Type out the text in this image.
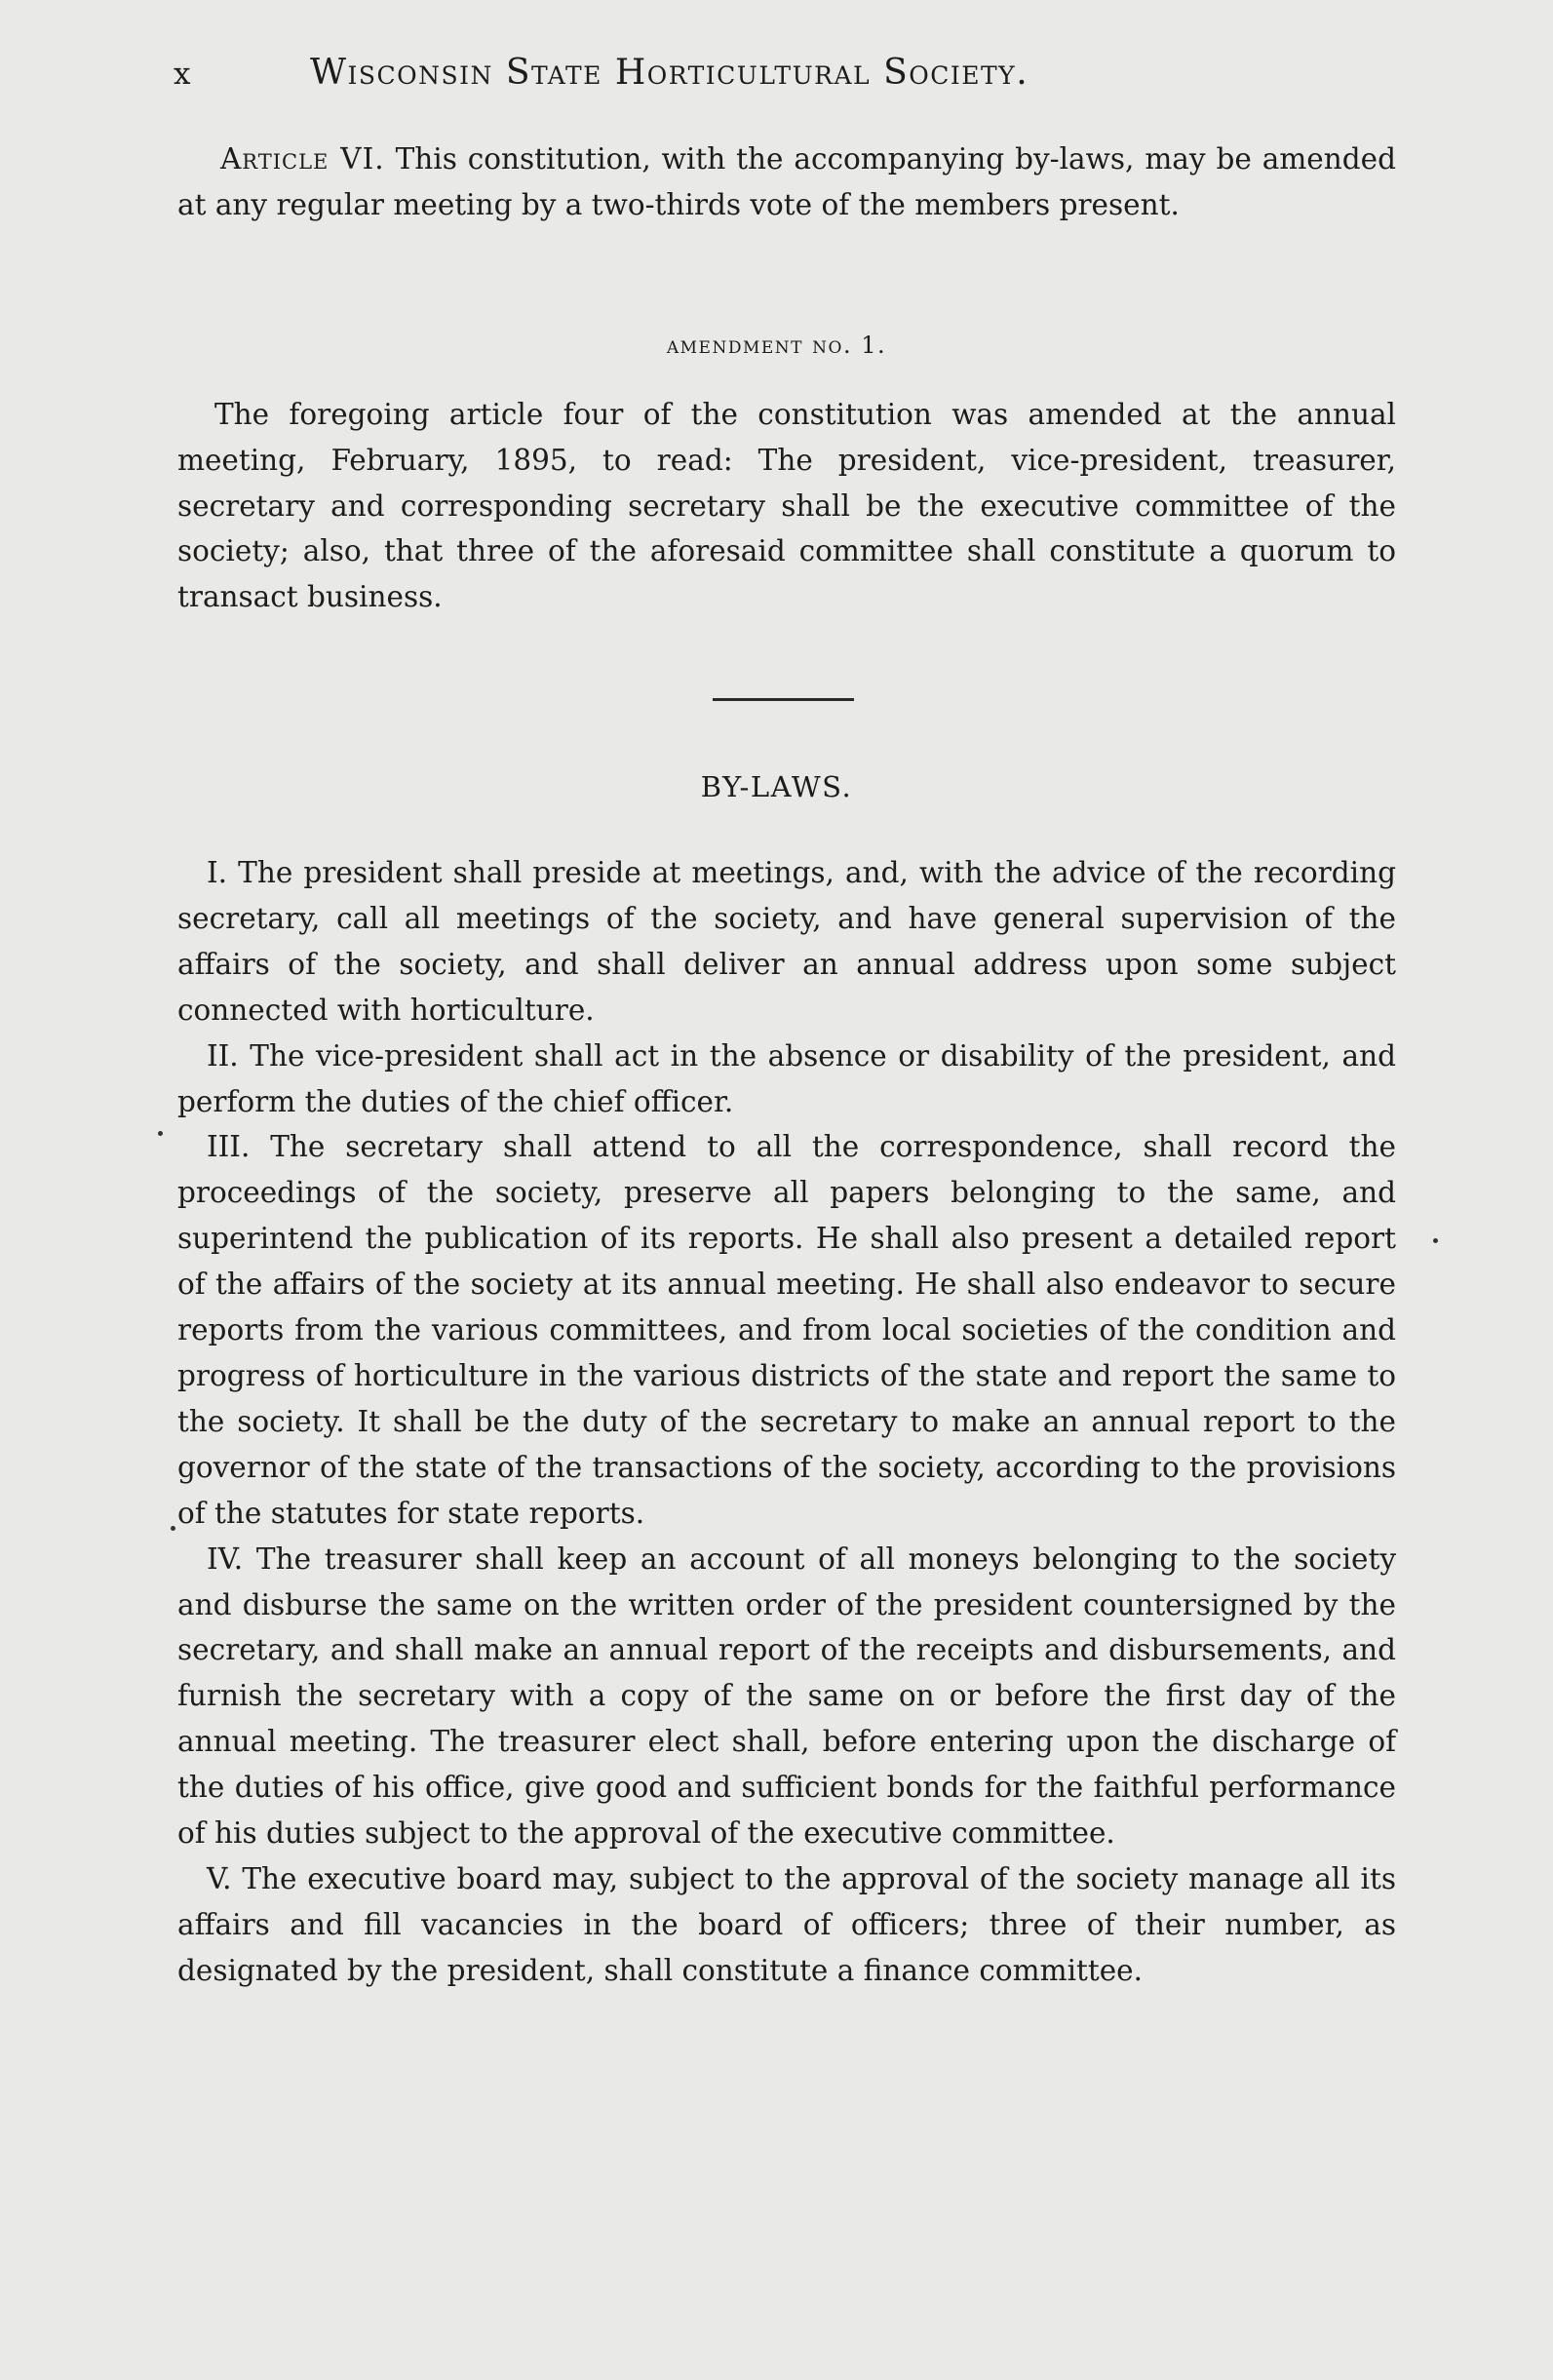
x	Wisconsin State Horticultural Society.

Article VI. This constitution, with the accompanying by-laws, may be amended at any regular meeting by a two-thirds vote of the members present.

amendment no. 1.

The foregoing article four of the constitution was amended at the annual meeting, February, 1895, to read: The president, vice-president, treasurer, secretary and corresponding secretary shall be the executive committee of the society; also, that three of the aforesaid committee shall constitute a quorum to transact business.

BY-LAWS.

I. The president shall preside at meetings, and, with the advice of the recording secretary, call all meetings of the society, and have general supervision of the affairs of the society, and shall deliver an annual address upon some subject connected with horticulture.

II. The vice-president shall act in the absence or disability of the president, and perform the duties of the chief officer.

III. The secretary shall attend to all the correspondence, shall record the proceedings of the society, preserve all papers belonging to the same, and superintend the publication of its reports. He shall also present a detailed report of the affairs of the society at its annual meeting. He shall also endeavor to secure reports from the various committees, and from local societies of the condition and progress of horticulture in the various districts of the state and report the same to the society. It shall be the duty of the secretary to make an annual report to the governor of the state of the transactions of the society, according to the provisions of the statutes for state reports.

IV. The treasurer shall keep an account of all moneys belonging to the society and disburse the same on the written order of the president countersigned by the secretary, and shall make an annual report of the receipts and disbursements, and furnish the secretary with a copy of the same on or before the first day of the annual meeting. The treasurer elect shall, before entering upon the discharge of the duties of his office, give good and sufficient bonds for the faithful performance of his duties subject to the approval of the executive committee.

V. The executive board may, subject to the approval of the society manage all its affairs and fill vacancies in the board of officers; three of their number, as designated by the president, shall constitute a finance committee.
